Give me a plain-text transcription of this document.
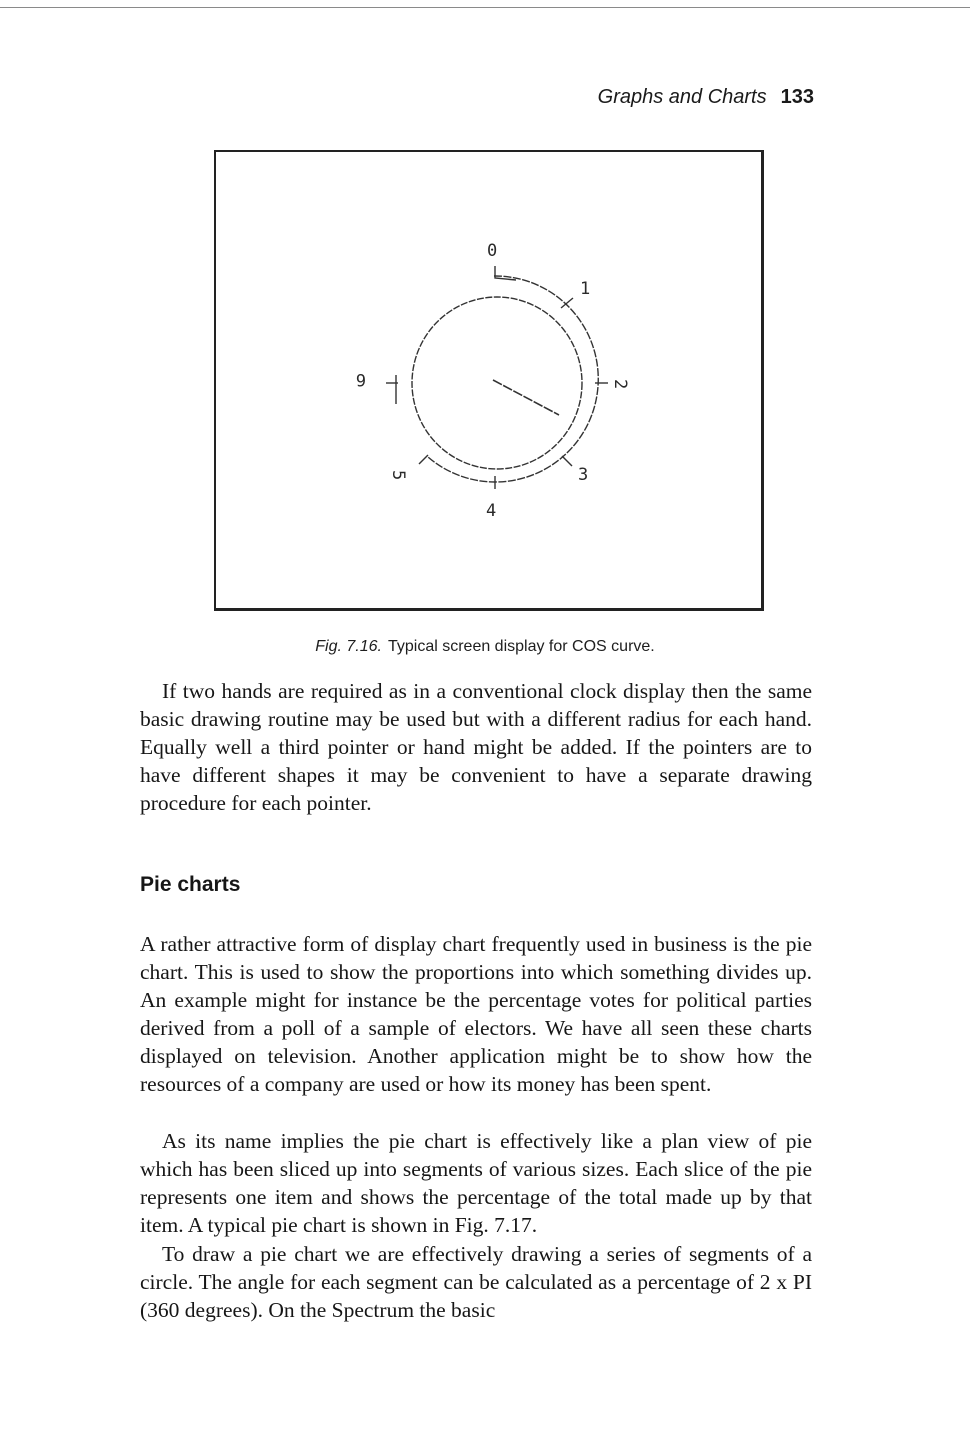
Graphs and Charts 133
0
1
2
3
4
5
6
Fig. 7.16. Typical screen display for COS curve.

If two hands are required as in a conventional clock display then the same basic drawing routine may be used but with a different radius for each hand. Equally well a third pointer or hand might be added. If the pointers are to have different shapes it may be convenient to have a separate drawing procedure for each pointer.

Pie charts

A rather attractive form of display chart frequently used in business is the pie chart. This is used to show the proportions into which something divides up. An example might for instance be the percentage votes for political parties derived from a poll of a sample of electors. We have all seen these charts displayed on television. Another application might be to show how the resources of a company are used or how its money has been spent.

As its name implies the pie chart is effectively like a plan view of pie which has been sliced up into segments of various sizes. Each slice of the pie represents one item and shows the percentage of the total made up by that item. A typical pie chart is shown in Fig. 7.17.

To draw a pie chart we are effectively drawing a series of segments of a circle. The angle for each segment can be calculated as a percentage of 2 x PI (360 degrees). On the Spectrum the basic
